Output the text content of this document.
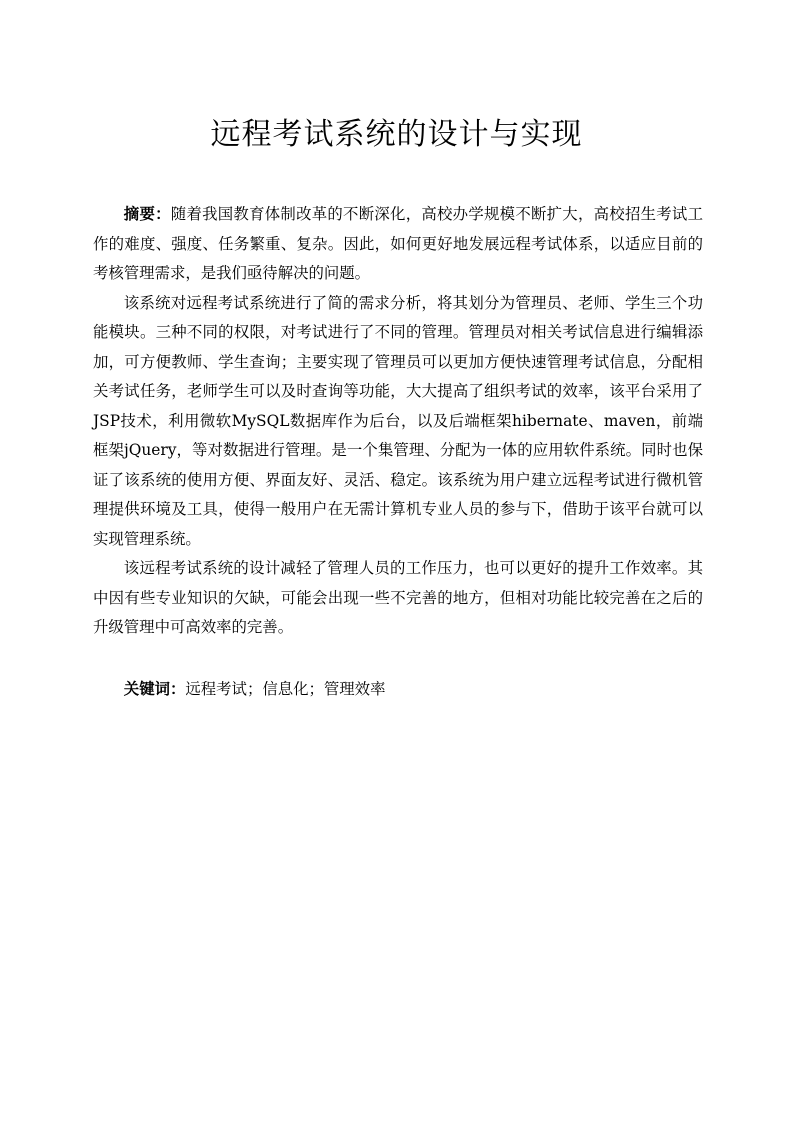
远程考试系统的设计与实现

摘要：随着我国教育体制改革的不断深化，高校办学规模不断扩大，高校招生考试工作的难度、强度、任务繁重、复杂。因此，如何更好地发展远程考试体系，以适应目前的考核管理需求，是我们亟待解决的问题。

该系统对远程考试系统进行了简的需求分析，将其划分为管理员、老师、学生三个功能模块。三种不同的权限，对考试进行了不同的管理。管理员对相关考试信息进行编辑添加，可方便教师、学生查询；主要实现了管理员可以更加方便快速管理考试信息，分配相关考试任务，老师学生可以及时查询等功能，大大提高了组织考试的效率，该平台采用了JSP技术，利用微软MySQL数据库作为后台，以及后端框架hibernate、maven，前端框架jQuery，等对数据进行管理。是一个集管理、分配为一体的应用软件系统。同时也保证了该系统的使用方便、界面友好、灵活、稳定。该系统为用户建立远程考试进行微机管理提供环境及工具，使得一般用户在无需计算机专业人员的参与下，借助于该平台就可以实现管理系统。

该远程考试系统的设计减轻了管理人员的工作压力，也可以更好的提升工作效率。其中因有些专业知识的欠缺，可能会出现一些不完善的地方，但相对功能比较完善在之后的升级管理中可高效率的完善。

关键词：远程考试；信息化；管理效率
